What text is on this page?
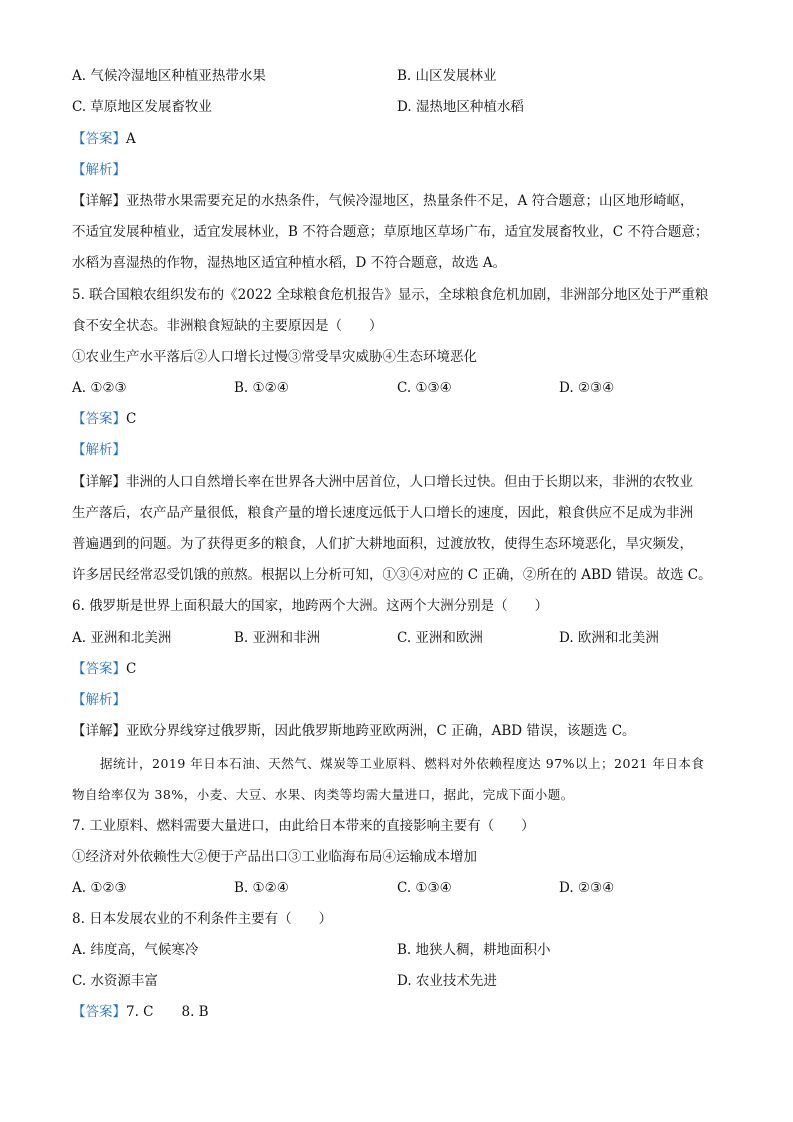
A. 气候冷湿地区种植亚热带水果	B. 山区发展林业
C. 草原地区发展畜牧业	D. 湿热地区种植水稻
【答案】A
【解析】
【详解】亚热带水果需要充足的水热条件，气候冷湿地区，热量条件不足，A 符合题意；山区地形崎岖，
不适宜发展种植业，适宜发展林业，B 不符合题意；草原地区草场广布，适宜发展畜牧业，C 不符合题意；
水稻为喜湿热的作物，湿热地区适宜种植水稻，D 不符合题意，故选 A。
5. 联合国粮农组织发布的《2022 全球粮食危机报告》显示，全球粮食危机加剧，非洲部分地区处于严重粮
食不安全状态。非洲粮食短缺的主要原因是（　　）
①农业生产水平落后②人口增长过慢③常受旱灾威胁④生态环境恶化
A. ①②③	B. ①②④	C. ①③④	D. ②③④
【答案】C
【解析】
【详解】非洲的人口自然增长率在世界各大洲中居首位，人口增长过快。但由于长期以来，非洲的农牧业
生产落后，农产品产量很低，粮食产量的增长速度远低于人口增长的速度，因此，粮食供应不足成为非洲
普遍遇到的问题。为了获得更多的粮食，人们扩大耕地面积，过渡放牧，使得生态环境恶化，旱灾频发，
许多居民经常忍受饥饿的煎熬。根据以上分析可知，①③④对应的 C 正确，②所在的 ABD 错误。故选 C。
6. 俄罗斯是世界上面积最大的国家，地跨两个大洲。这两个大洲分别是（　　）
A. 亚洲和北美洲	B. 亚洲和非洲	C. 亚洲和欧洲	D. 欧洲和北美洲
【答案】C
【解析】
【详解】亚欧分界线穿过俄罗斯，因此俄罗斯地跨亚欧两洲，C 正确，ABD 错误，该题选 C。
据统计，2019 年日本石油、天然气、煤炭等工业原料、燃料对外依赖程度达 97%以上；2021 年日本食
物自给率仅为 38%，小麦、大豆、水果、肉类等均需大量进口，据此，完成下面小题。
7. 工业原料、燃料需要大量进口，由此给日本带来的直接影响主要有（　　）
①经济对外依赖性大②便于产品出口③工业临海布局④运输成本增加
A. ①②③	B. ①②④	C. ①③④	D. ②③④
8. 日本发展农业的不利条件主要有（　　）
A. 纬度高，气候寒冷	B. 地狭人稠，耕地面积小
C. 水资源丰富	D. 农业技术先进
【答案】7. C 8. B
